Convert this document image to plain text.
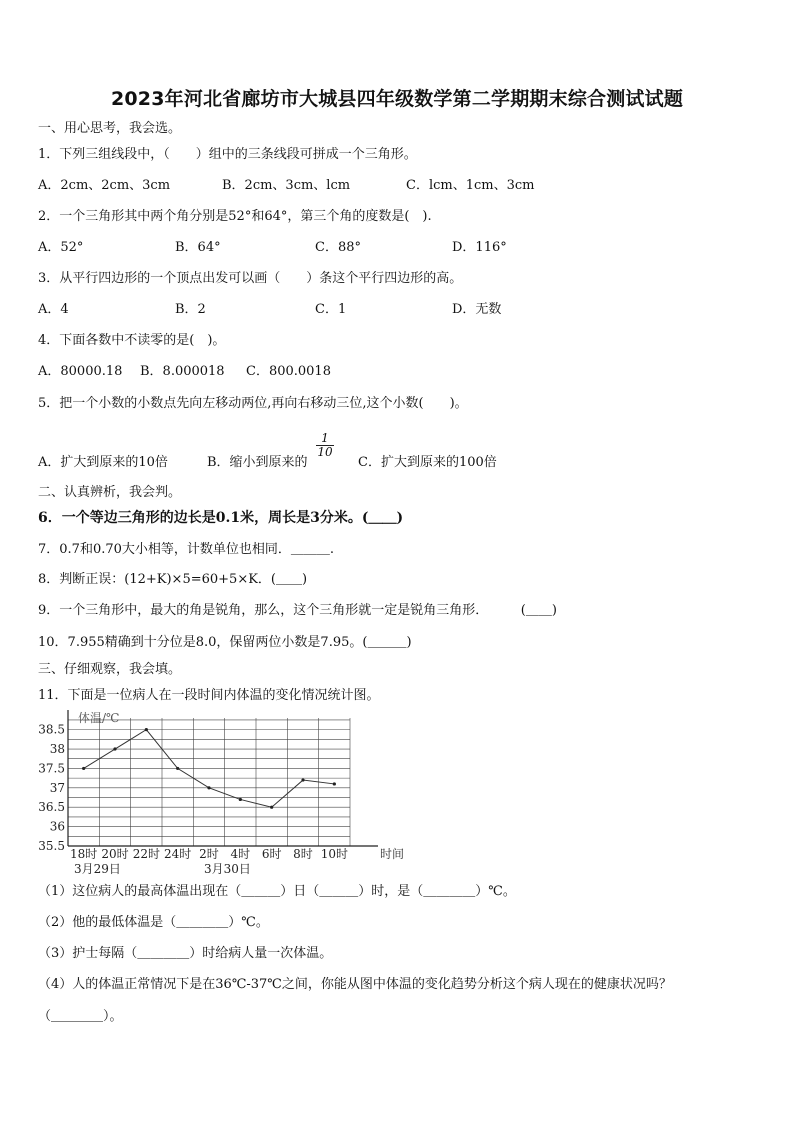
2023年河北省廊坊市大城县四年级数学第二学期期末综合测试试题
一、用心思考，我会选。
1．下列三组线段中，（　　）组中的三条线段可拼成一个三角形。
A．2cm、2cm、3cm	B．2cm、3cm、lcm	C．lcm、1cm、3cm
2．一个三角形其中两个角分别是52°和64°，第三个角的度数是(　).
A．52°	B．64°	C．88°	D．116°
3．从平行四边形的一个顶点出发可以画（　　）条这个平行四边形的高。
A．4	B．2	C．1	D．无数
4．下面各数中不读零的是(　)。
A．80000.18 B．8.000018 C．800.0018
5．把一个小数的小数点先向左移动两位,再向右移动三位,这个小数(　　)。
A．扩大到原来的10倍	B．缩小到原来的
$\frac{1}{10}$
C．扩大到原来的100倍
二、认真辨析，我会判。
6．一个等边三角形的边长是0.1米，周长是3分米。(＿＿)
7．0.7和0.70大小相等，计数单位也相同．＿＿＿.
8．判断正误：(12+K)×5=60+5×K．(＿＿)
9．一个三角形中，最大的角是锐角，那么，这个三角形就一定是锐角三角形．　　　(＿＿)
10．7.955精确到十分位是8.0，保留两位小数是7.95。(＿＿＿)
三、仔细观察，我会填。
11．下面是一位病人在一段时间内体温的变化情况统计图。
35.5
36
36.5
37
37.5
38
38.5
18时 20时 22时 24时 2时 4时 6时 8时 10时
体温/℃
时间
3月29日	3月30日
（1）这位病人的最高体温出现在（＿＿＿）日（＿＿＿）时，是（＿＿＿＿）℃。
（2）他的最低体温是（＿＿＿＿）℃。
（3）护士每隔（＿＿＿＿）时给病人量一次体温。
（4）人的体温正常情况下是在36℃-37℃之间，你能从图中体温的变化趋势分析这个病人现在的健康状况吗？
（＿＿＿＿）。
